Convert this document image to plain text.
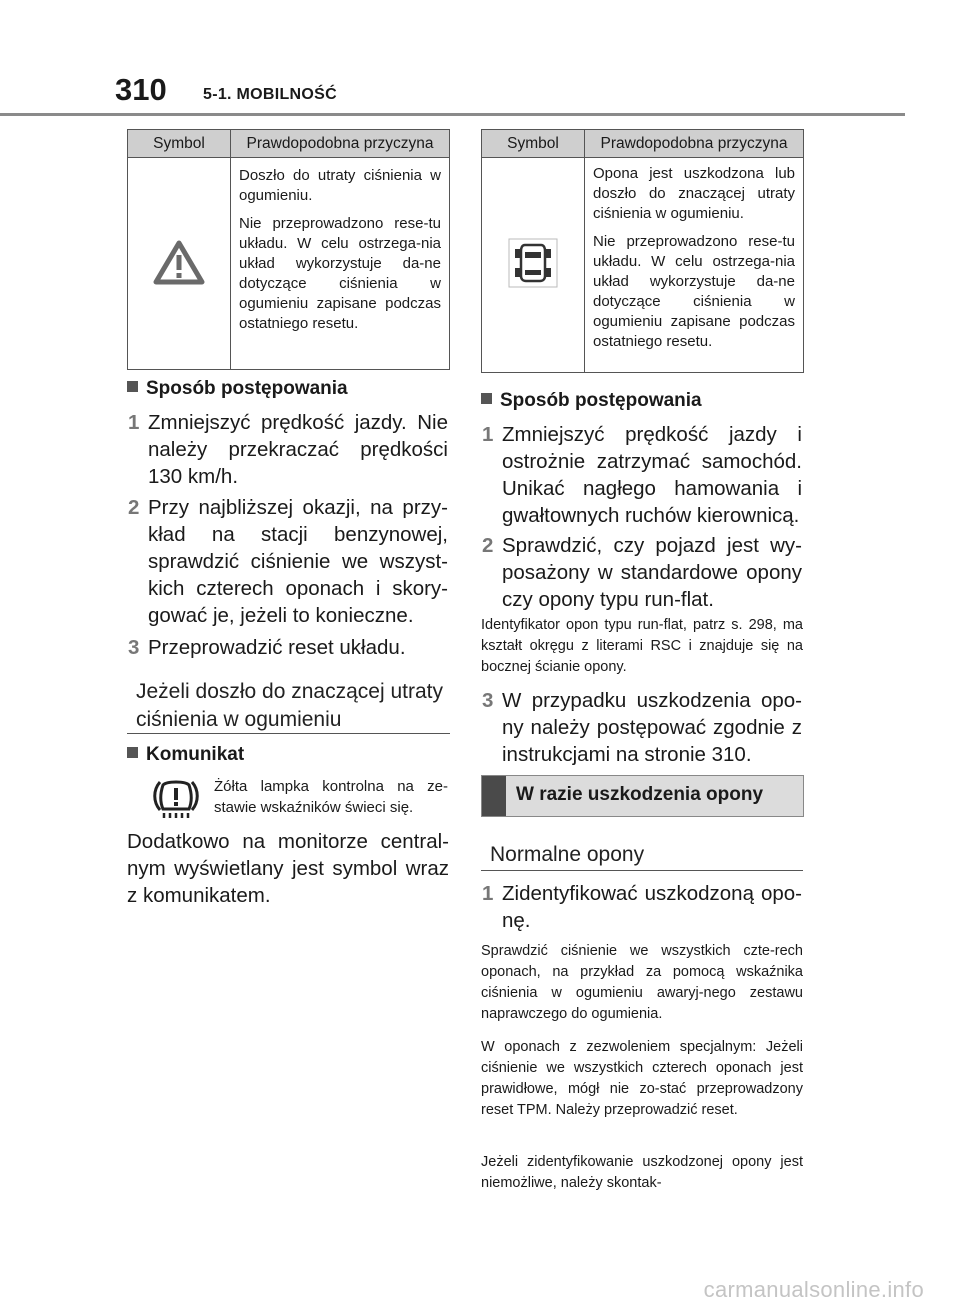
310 5-1. MOBILNOŚĆ
Symbol	Prawdopodobna przyczyna

Doszło do utraty ciśnienia w ogumieniu.

Nie przeprowadzono rese-tu układu. W celu ostrzega-nia układ wykorzystuje da-ne dotyczące ciśnienia w ogumieniu zapisane podczas ostatniego resetu.

Sposób postępowania
1 Zmniejszyć prędkość jazdy. Nie należy przekraczać prędkości 130 km/h.
2 Przy najbliższej okazji, na przy-kład na stacji benzynowej, sprawdzić ciśnienie we wszyst-kich czterech oponach i skory-gować je, jeżeli to konieczne.
3 Przeprowadzić reset układu.
Jeżeli doszło do znaczącej utraty ciśnienia w ogumieniu
Komunikat
Żółta lampka kontrolna na ze-stawie wskaźników świeci się.
Dodatkowo na monitorze central-nym wyświetlany jest symbol wraz z komunikatem.
Symbol	Prawdopodobna przyczyna

Opona jest uszkodzona lub doszło do znaczącej utraty ciśnienia w ogumieniu.

Nie przeprowadzono rese-tu układu. W celu ostrzega-nia układ wykorzystuje da-ne dotyczące ciśnienia w ogumieniu zapisane podczas ostatniego resetu.

Sposób postępowania
1 Zmniejszyć prędkość jazdy i ostrożnie zatrzymać samochód. Unikać nagłego hamowania i gwałtownych ruchów kierownicą.
2 Sprawdzić, czy pojazd jest wy-posażony w standardowe opony czy opony typu run-flat.
Identyfikator opon typu run-flat, patrz s. 298, ma kształt okręgu z literami RSC i znajduje się na bocznej ścianie opony.
3 W przypadku uszkodzenia opo-ny należy postępować zgodnie z instrukcjami na stronie 310.
W razie uszkodzenia opony
Normalne opony
1 Zidentyfikować uszkodzoną opo-nę.
Sprawdzić ciśnienie we wszystkich czte-rech oponach, na przykład za pomocą wskaźnika ciśnienia w ogumieniu awaryj-nego zestawu naprawczego do ogumienia.
W oponach z zezwoleniem specjalnym: Jeżeli ciśnienie we wszystkich czterech oponach jest prawidłowe, mógł nie zo-stać przeprowadzony reset TPM. Należy przeprowadzić reset.
Jeżeli zidentyfikowanie uszkodzonej opony jest niemożliwe, należy skontak-
carmanualsonline.info
